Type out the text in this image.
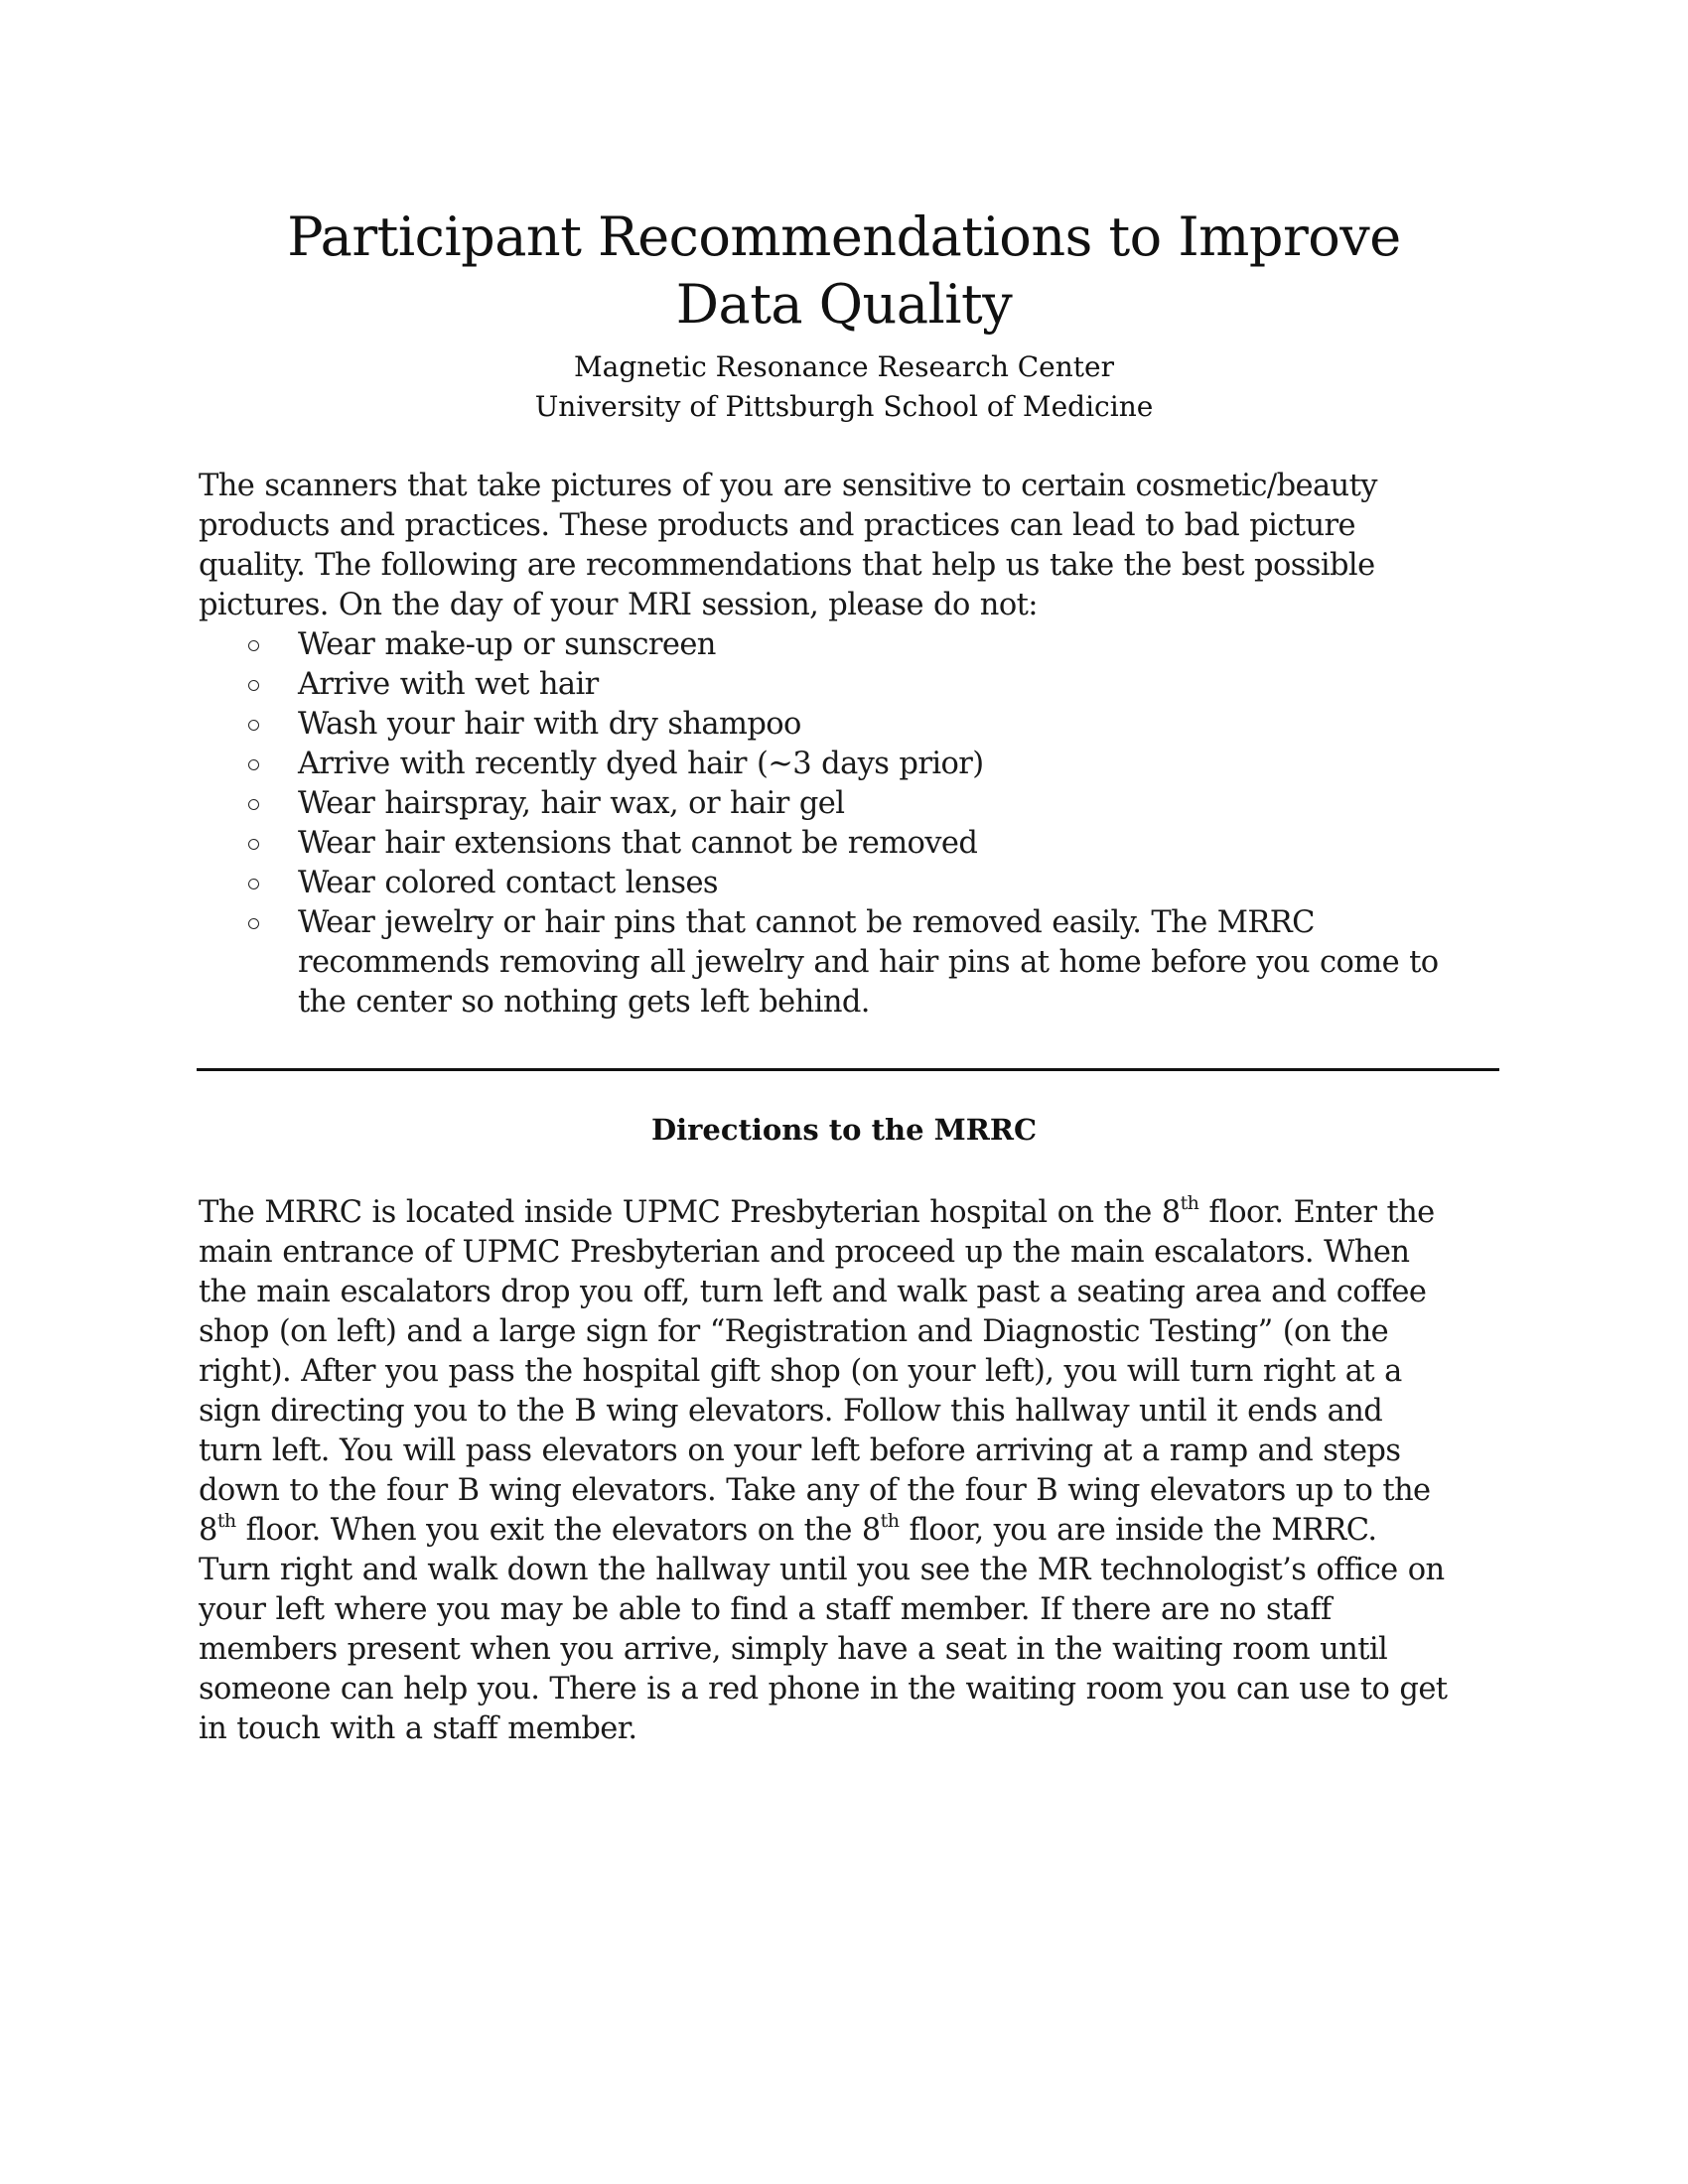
Participant Recommendations to Improve
Data Quality

Magnetic Resonance Research Center

University of Pittsburgh School of Medicine

The scanners that take pictures of you are sensitive to certain cosmetic/beauty
products and practices. These products and practices can lead to bad picture
quality. The following are recommendations that help us take the best possible
pictures. On the day of your MRI session, please do not:

Wear make-up or sunscreen
Arrive with wet hair
Wash your hair with dry shampoo
Arrive with recently dyed hair (~3 days prior)
Wear hairspray, hair wax, or hair gel
Wear hair extensions that cannot be removed
Wear colored contact lenses
Wear jewelry or hair pins that cannot be removed easily. The MRRC
recommends removing all jewelry and hair pins at home before you come to
the center so nothing gets left behind.
Directions to the MRRC

The MRRC is located inside UPMC Presbyterian hospital on the 8th floor. Enter the
main entrance of UPMC Presbyterian and proceed up the main escalators. When
the main escalators drop you off, turn left and walk past a seating area and coffee
shop (on left) and a large sign for “Registration and Diagnostic Testing” (on the
right). After you pass the hospital gift shop (on your left), you will turn right at a
sign directing you to the B wing elevators. Follow this hallway until it ends and
turn left. You will pass elevators on your left before arriving at a ramp and steps
down to the four B wing elevators. Take any of the four B wing elevators up to the
8th floor. When you exit the elevators on the 8th floor, you are inside the MRRC.
Turn right and walk down the hallway until you see the MR technologist’s office on
your left where you may be able to find a staff member. If there are no staff
members present when you arrive, simply have a seat in the waiting room until
someone can help you. There is a red phone in the waiting room you can use to get
in touch with a staff member.
